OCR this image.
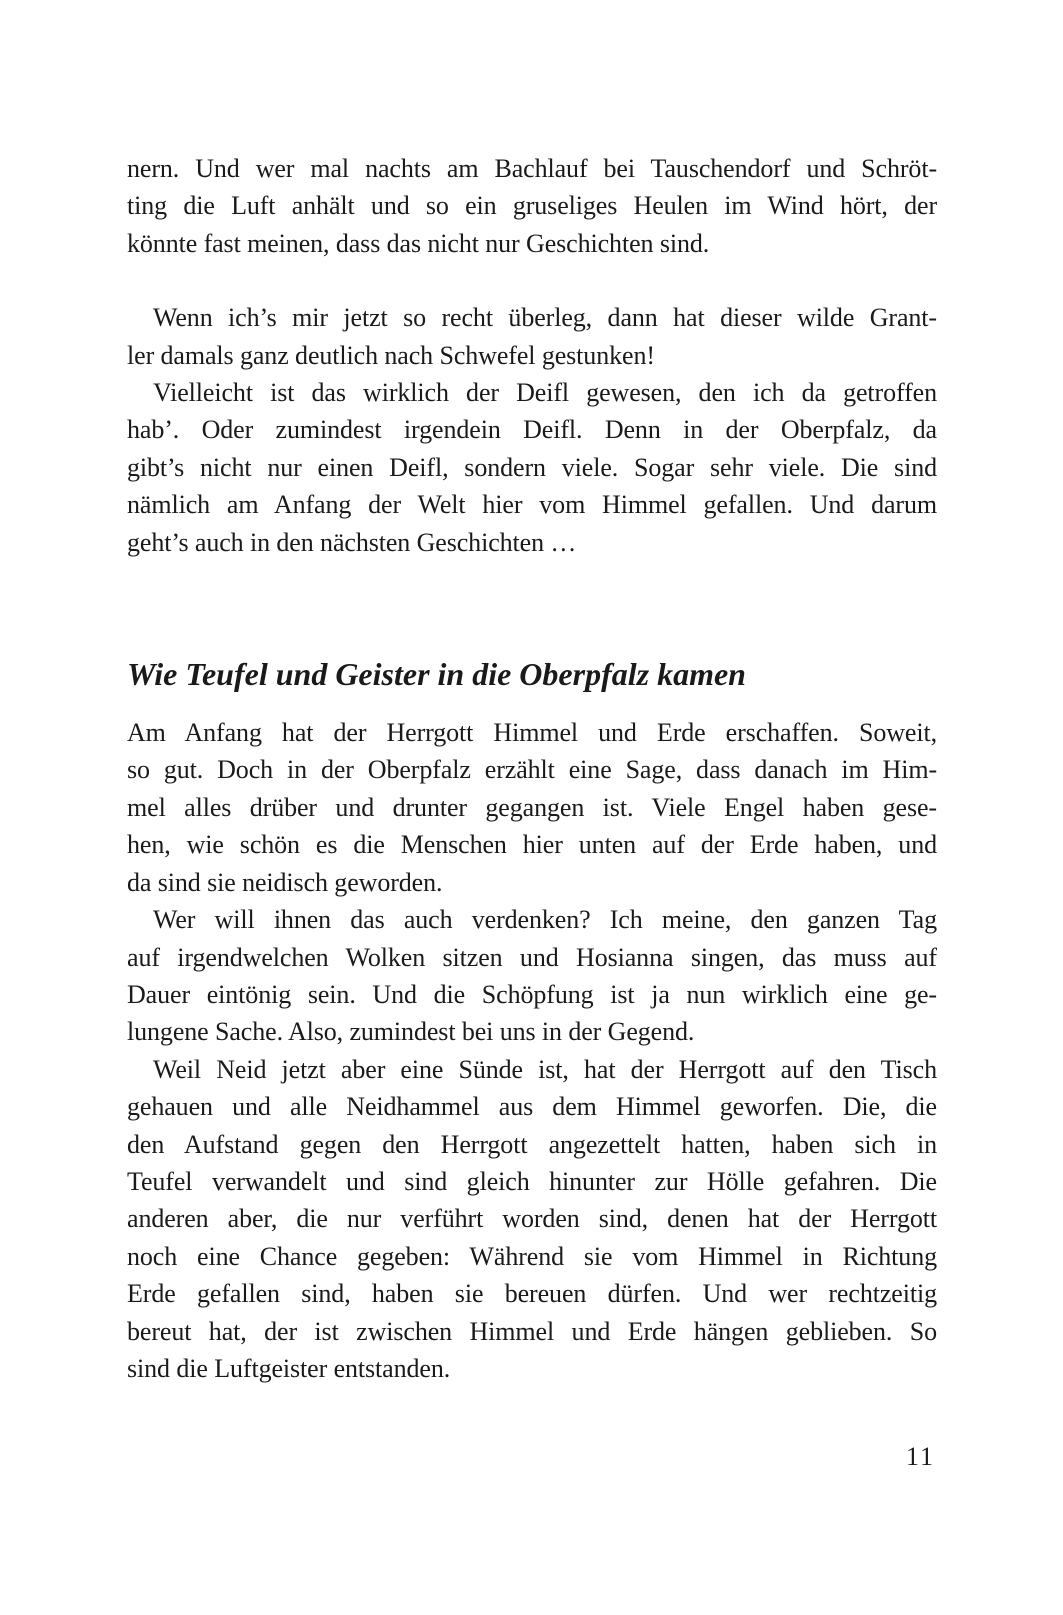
nern. Und wer mal nachts am Bachlauf bei Tauschendorf und Schröt-
ting die Luft anhält und so ein gruseliges Heulen im Wind hört, der
könnte fast meinen, dass das nicht nur Geschichten sind.
Wenn ich’s mir jetzt so recht überleg, dann hat dieser wilde Grant-
ler damals ganz deutlich nach Schwefel gestunken!
Vielleicht ist das wirklich der Deifl gewesen, den ich da getroffen
hab’. Oder zumindest irgendein Deifl. Denn in der Oberpfalz, da
gibt’s nicht nur einen Deifl, sondern viele. Sogar sehr viele. Die sind
nämlich am Anfang der Welt hier vom Himmel gefallen. Und darum
geht’s auch in den nächsten Geschichten …
Wie Teufel und Geister in die Oberpfalz kamen
Am Anfang hat der Herrgott Himmel und Erde erschaffen. Soweit,
so gut. Doch in der Oberpfalz erzählt eine Sage, dass danach im Him-
mel alles drüber und drunter gegangen ist. Viele Engel haben gese-
hen, wie schön es die Menschen hier unten auf der Erde haben, und
da sind sie neidisch geworden.
Wer will ihnen das auch verdenken? Ich meine, den ganzen Tag
auf irgendwelchen Wolken sitzen und Hosianna singen, das muss auf
Dauer eintönig sein. Und die Schöpfung ist ja nun wirklich eine ge-
lungene Sache. Also, zumindest bei uns in der Gegend.
Weil Neid jetzt aber eine Sünde ist, hat der Herrgott auf den Tisch
gehauen und alle Neidhammel aus dem Himmel geworfen. Die, die
den Aufstand gegen den Herrgott angezettelt hatten, haben sich in
Teufel verwandelt und sind gleich hinunter zur Hölle gefahren. Die
anderen aber, die nur verführt worden sind, denen hat der Herrgott
noch eine Chance gegeben: Während sie vom Himmel in Richtung
Erde gefallen sind, haben sie bereuen dürfen. Und wer rechtzeitig
bereut hat, der ist zwischen Himmel und Erde hängen geblieben. So
sind die Luftgeister entstanden.
11
